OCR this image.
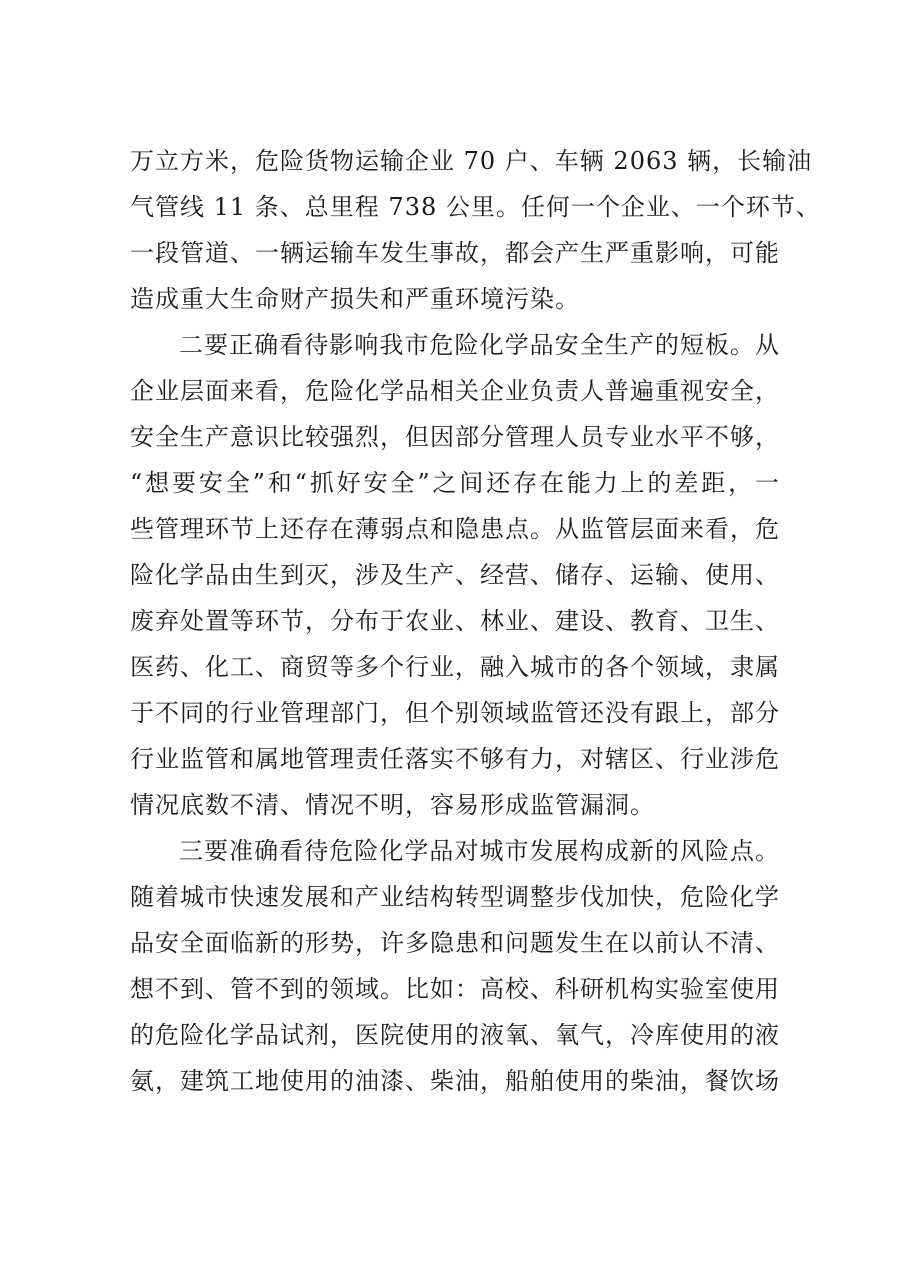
万立方米，危险货物运输企业 70 户、车辆 2063 辆，长输油
气管线 11 条、总里程 738 公里。任何一个企业、一个环节、
一段管道、一辆运输车发生事故，都会产生严重影响，可能
造成重大生命财产损失和严重环境污染。
二要正确看待影响我市危险化学品安全生产的短板。从
企业层面来看，危险化学品相关企业负责人普遍重视安全，
安全生产意识比较强烈，但因部分管理人员专业水平不够，
“想要安全”和“抓好安全”之间还存在能力上的差距，一
些管理环节上还存在薄弱点和隐患点。从监管层面来看，危
险化学品由生到灭，涉及生产、经营、储存、运输、使用、
废弃处置等环节，分布于农业、林业、建设、教育、卫生、
医药、化工、商贸等多个行业，融入城市的各个领域，隶属
于不同的行业管理部门，但个别领域监管还没有跟上，部分
行业监管和属地管理责任落实不够有力，对辖区、行业涉危
情况底数不清、情况不明，容易形成监管漏洞。
三要准确看待危险化学品对城市发展构成新的风险点。
随着城市快速发展和产业结构转型调整步伐加快，危险化学
品安全面临新的形势，许多隐患和问题发生在以前认不清、
想不到、管不到的领域。比如：高校、科研机构实验室使用
的危险化学品试剂，医院使用的液氧、氧气，冷库使用的液
氨，建筑工地使用的油漆、柴油，船舶使用的柴油，餐饮场
